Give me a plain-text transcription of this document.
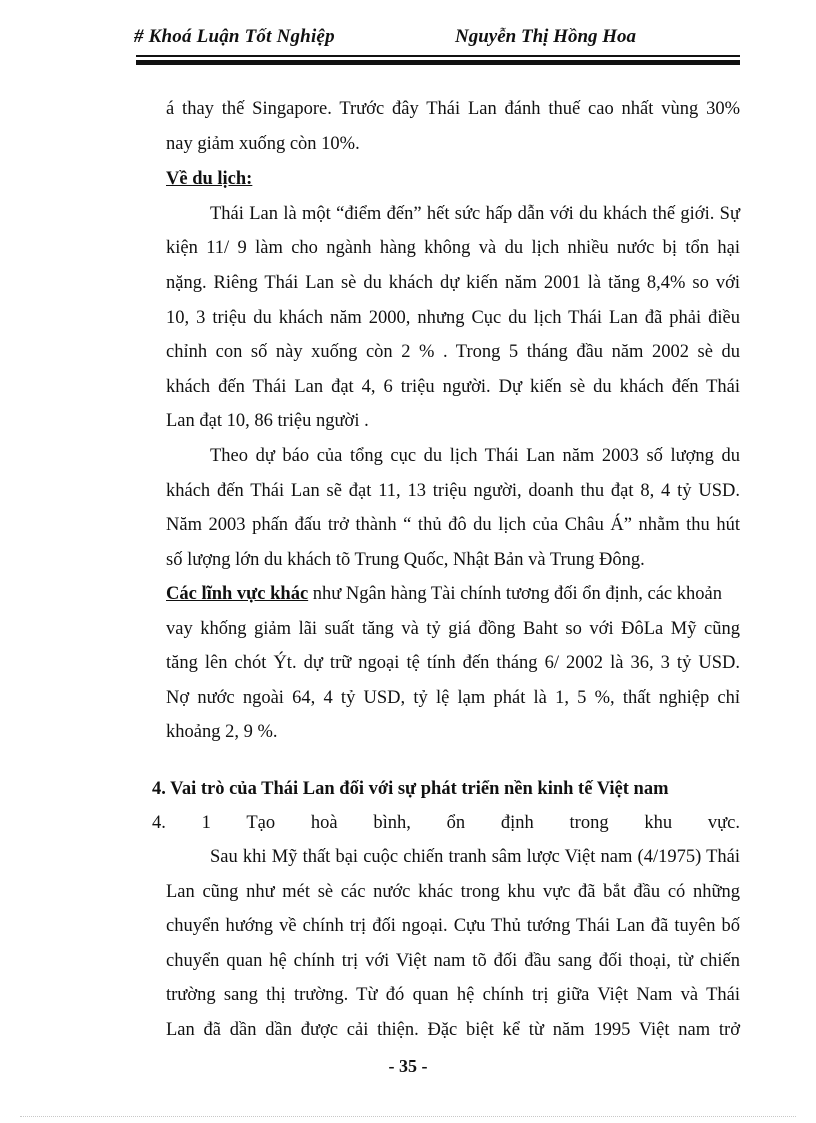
# Khoá Luận Tốt Nghiệp	Nguyễn Thị Hồng Hoa
á thay thế Singapore. Trước đây Thái Lan đánh thuế cao nhất vùng 30%
nay giảm xuống còn 10%.
Về du lịch:
Thái Lan là một “điểm đến” hết sức hấp dẫn với du khách thế giới. Sự
kiện 11/ 9 làm cho ngành hàng không và du lịch nhiều nước bị tổn hại
nặng. Riêng Thái Lan sè du khách dự kiến năm 2001 là tăng 8,4% so với
10, 3 triệu du khách năm 2000, nhưng Cục du lịch Thái Lan đã phải điều
chỉnh con số này xuống còn 2 % . Trong 5 tháng đầu năm 2002 sè du
khách đến Thái Lan đạt 4, 6 triệu người. Dự kiến sè du khách đến Thái
Lan đạt 10, 86 triệu người .
Theo dự báo của tổng cục du lịch Thái Lan năm 2003 số lượng du
khách đến Thái Lan sẽ đạt 11, 13 triệu người, doanh thu đạt 8, 4 tỷ USD.
Năm 2003 phấn đấu trở thành “ thủ đô du lịch của Châu Á” nhằm thu hút
số lượng lớn du khách tõ Trung Quốc, Nhật Bản và Trung Đông.
Các lĩnh vực khác như Ngân hàng Tài chính tương đối ổn định, các khoản
vay khống giảm lãi suất tăng và tỷ giá đồng Baht so với ĐôLa Mỹ cũng
tăng lên chót Ýt. dự trữ ngoại tệ tính đến tháng 6/ 2002 là 36, 3 tỷ USD.
Nợ nước ngoài 64, 4 tỷ USD, tỷ lệ lạm phát là 1, 5 %, thất nghiệp chỉ
khoảng 2, 9 %.
4. Vai trò của Thái Lan đối với sự phát triển nền kinh tế Việt nam
4. 1 Tạo hoà bình, ổn định trong khu vực.
Sau khi Mỹ thất bại cuộc chiến tranh sâm lược Việt nam (4/1975) Thái
Lan cũng như mét sè các nước khác trong khu vực đã bắt đầu có những
chuyển hướng về chính trị đối ngoại. Cựu Thủ tướng Thái Lan đã tuyên bố
chuyển quan hệ chính trị với Việt nam tõ đối đầu sang đối thoại, từ chiến
trường sang thị trường. Từ đó quan hệ chính trị giữa Việt Nam và Thái
Lan đã dần dần được cải thiện. Đặc biệt kể từ năm 1995 Việt nam trở
- 35 -
